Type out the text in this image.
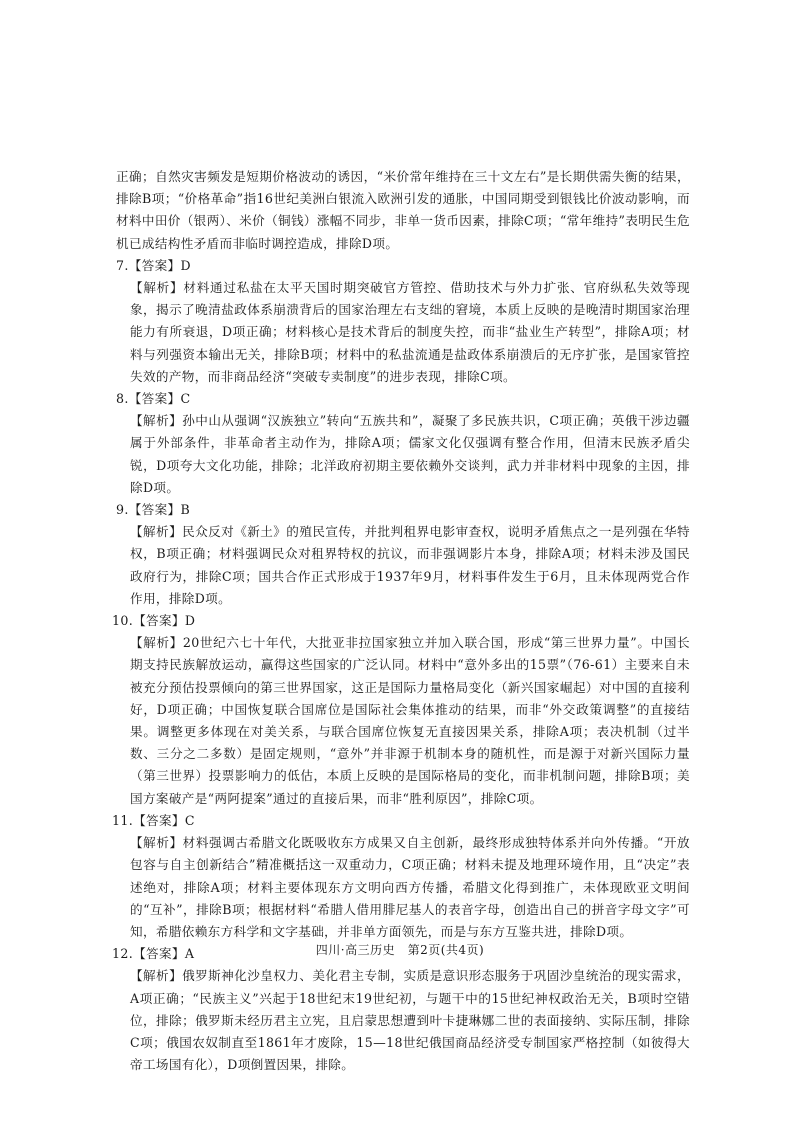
正确；自然灾害频发是短期价格波动的诱因，“米价常年维持在三十文左右”是长期供需失衡的结果，排除B项；“价格革命”指16世纪美洲白银流入欧洲引发的通胀，中国同期受到银钱比价波动影响，而材料中田价（银两）、米价（铜钱）涨幅不同步，非单一货币因素，排除C项；“常年维持”表明民生危机已成结构性矛盾而非临时调控造成，排除D项。

7.【答案】D

【解析】材料通过私盐在太平天国时期突破官方管控、借助技术与外力扩张、官府纵私失效等现象，揭示了晚清盐政体系崩溃背后的国家治理左右支绌的窘境，本质上反映的是晚清时期国家治理能力有所衰退，D项正确；材料核心是技术背后的制度失控，而非“盐业生产转型”，排除A项；材料与列强资本输出无关，排除B项；材料中的私盐流通是盐政体系崩溃后的无序扩张，是国家管控失效的产物，而非商品经济“突破专卖制度”的进步表现，排除C项。

8.【答案】C

【解析】孙中山从强调“汉族独立”转向“五族共和”，凝聚了多民族共识，C项正确；英俄干涉边疆属于外部条件，非革命者主动作为，排除A项；儒家文化仅强调有整合作用，但清末民族矛盾尖锐，D项夸大文化功能，排除；北洋政府初期主要依赖外交谈判，武力并非材料中现象的主因，排除D项。

9.【答案】B

【解析】民众反对《新土》的殖民宣传，并批判租界电影审查权，说明矛盾焦点之一是列强在华特权，B项正确；材料强调民众对租界特权的抗议，而非强调影片本身，排除A项；材料未涉及国民政府行为，排除C项；国共合作正式形成于1937年9月，材料事件发生于6月，且未体现两党合作作用，排除D项。

10.【答案】D

【解析】20世纪六七十年代，大批亚非拉国家独立并加入联合国，形成“第三世界力量”。中国长期支持民族解放运动，赢得这些国家的广泛认同。材料中“意外多出的15票”（76-61）主要来自未被充分预估投票倾向的第三世界国家，这正是国际力量格局变化（新兴国家崛起）对中国的直接利好，D项正确；中国恢复联合国席位是国际社会集体推动的结果，而非“外交政策调整”的直接结果。调整更多体现在对美关系，与联合国席位恢复无直接因果关系，排除A项；表决机制（过半数、三分之二多数）是固定规则，“意外”并非源于机制本身的随机性，而是源于对新兴国际力量（第三世界）投票影响力的低估，本质上反映的是国际格局的变化，而非机制问题，排除B项；美国方案破产是“两阿提案”通过的直接后果，而非“胜利原因”，排除C项。

11.【答案】C

【解析】材料强调古希腊文化既吸收东方成果又自主创新，最终形成独特体系并向外传播。“开放包容与自主创新结合”精准概括这一双重动力，C项正确；材料未提及地理环境作用，且“决定”表述绝对，排除A项；材料主要体现东方文明向西方传播，希腊文化得到推广，未体现欧亚文明间的“互补”，排除B项；根据材料“希腊人借用腓尼基人的表音字母，创造出自己的拼音字母文字”可知，希腊依赖东方科学和文字基础，并非单方面领先，而是与东方互鉴共进，排除D项。

12.【答案】A

【解析】俄罗斯神化沙皇权力、美化君主专制，实质是意识形态服务于巩固沙皇统治的现实需求，A项正确；“民族主义”兴起于18世纪末19世纪初，与题干中的15世纪神权政治无关，B项时空错位，排除；俄罗斯未经历君主立宪，且启蒙思想遭到叶卡捷琳娜二世的表面接纳、实际压制，排除C项；俄国农奴制直至1861年才废除，15—18世纪俄国商品经济受专制国家严格控制（如彼得大帝工场国有化），D项倒置因果，排除。

四川·高三历史　第2页(共4页)
